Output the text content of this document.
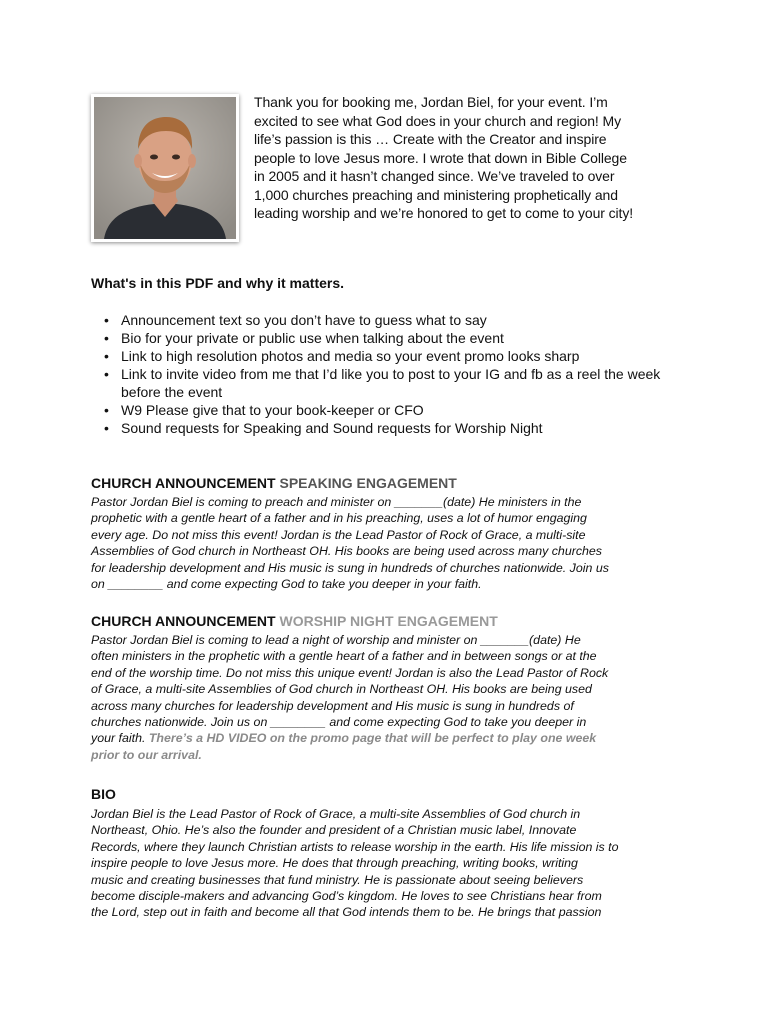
Thank you for booking me, Jordan Biel, for your event. I’m
excited to see what God does in your church and region! My
life’s passion is this … Create with the Creator and inspire
people to love Jesus more. I wrote that down in Bible College
in 2005 and it hasn’t changed since. We’ve traveled to over
1,000 churches preaching and ministering prophetically and
leading worship and we’re honored to get to come to your city!
What's in this PDF and why it matters.
• Announcement text so you don’t have to guess what to say
• Bio for your private or public use when talking about the event
• Link to high resolution photos and media so your event promo looks sharp
• Link to invite video from me that I’d like you to post to your IG and fb as a reel the week before the event
• W9 Please give that to your book-keeper or CFO
• Sound requests for Speaking and Sound requests for Worship Night
CHURCH ANNOUNCEMENT SPEAKING ENGAGEMENT
Pastor Jordan Biel is coming to preach and minister on _______(date) He ministers in the
prophetic with a gentle heart of a father and in his preaching, uses a lot of humor engaging
every age. Do not miss this event! Jordan is the Lead Pastor of Rock of Grace, a multi-site
Assemblies of God church in Northeast OH. His books are being used across many churches
for leadership development and His music is sung in hundreds of churches nationwide. Join us
on ________ and come expecting God to take you deeper in your faith.
CHURCH ANNOUNCEMENT WORSHIP NIGHT ENGAGEMENT
Pastor Jordan Biel is coming to lead a night of worship and minister on _______(date) He
often ministers in the prophetic with a gentle heart of a father and in between songs or at the
end of the worship time. Do not miss this unique event! Jordan is also the Lead Pastor of Rock
of Grace, a multi-site Assemblies of God church in Northeast OH. His books are being used
across many churches for leadership development and His music is sung in hundreds of
churches nationwide. Join us on ________ and come expecting God to take you deeper in
your faith. There’s a HD VIDEO on the promo page that will be perfect to play one week
prior to our arrival.
BIO
Jordan Biel is the Lead Pastor of Rock of Grace, a multi-site Assemblies of God church in
Northeast, Ohio. He’s also the founder and president of a Christian music label, Innovate
Records, where they launch Christian artists to release worship in the earth. His life mission is to
inspire people to love Jesus more. He does that through preaching, writing books, writing
music and creating businesses that fund ministry. He is passionate about seeing believers
become disciple-makers and advancing God’s kingdom. He loves to see Christians hear from
the Lord, step out in faith and become all that God intends them to be. He brings that passion
